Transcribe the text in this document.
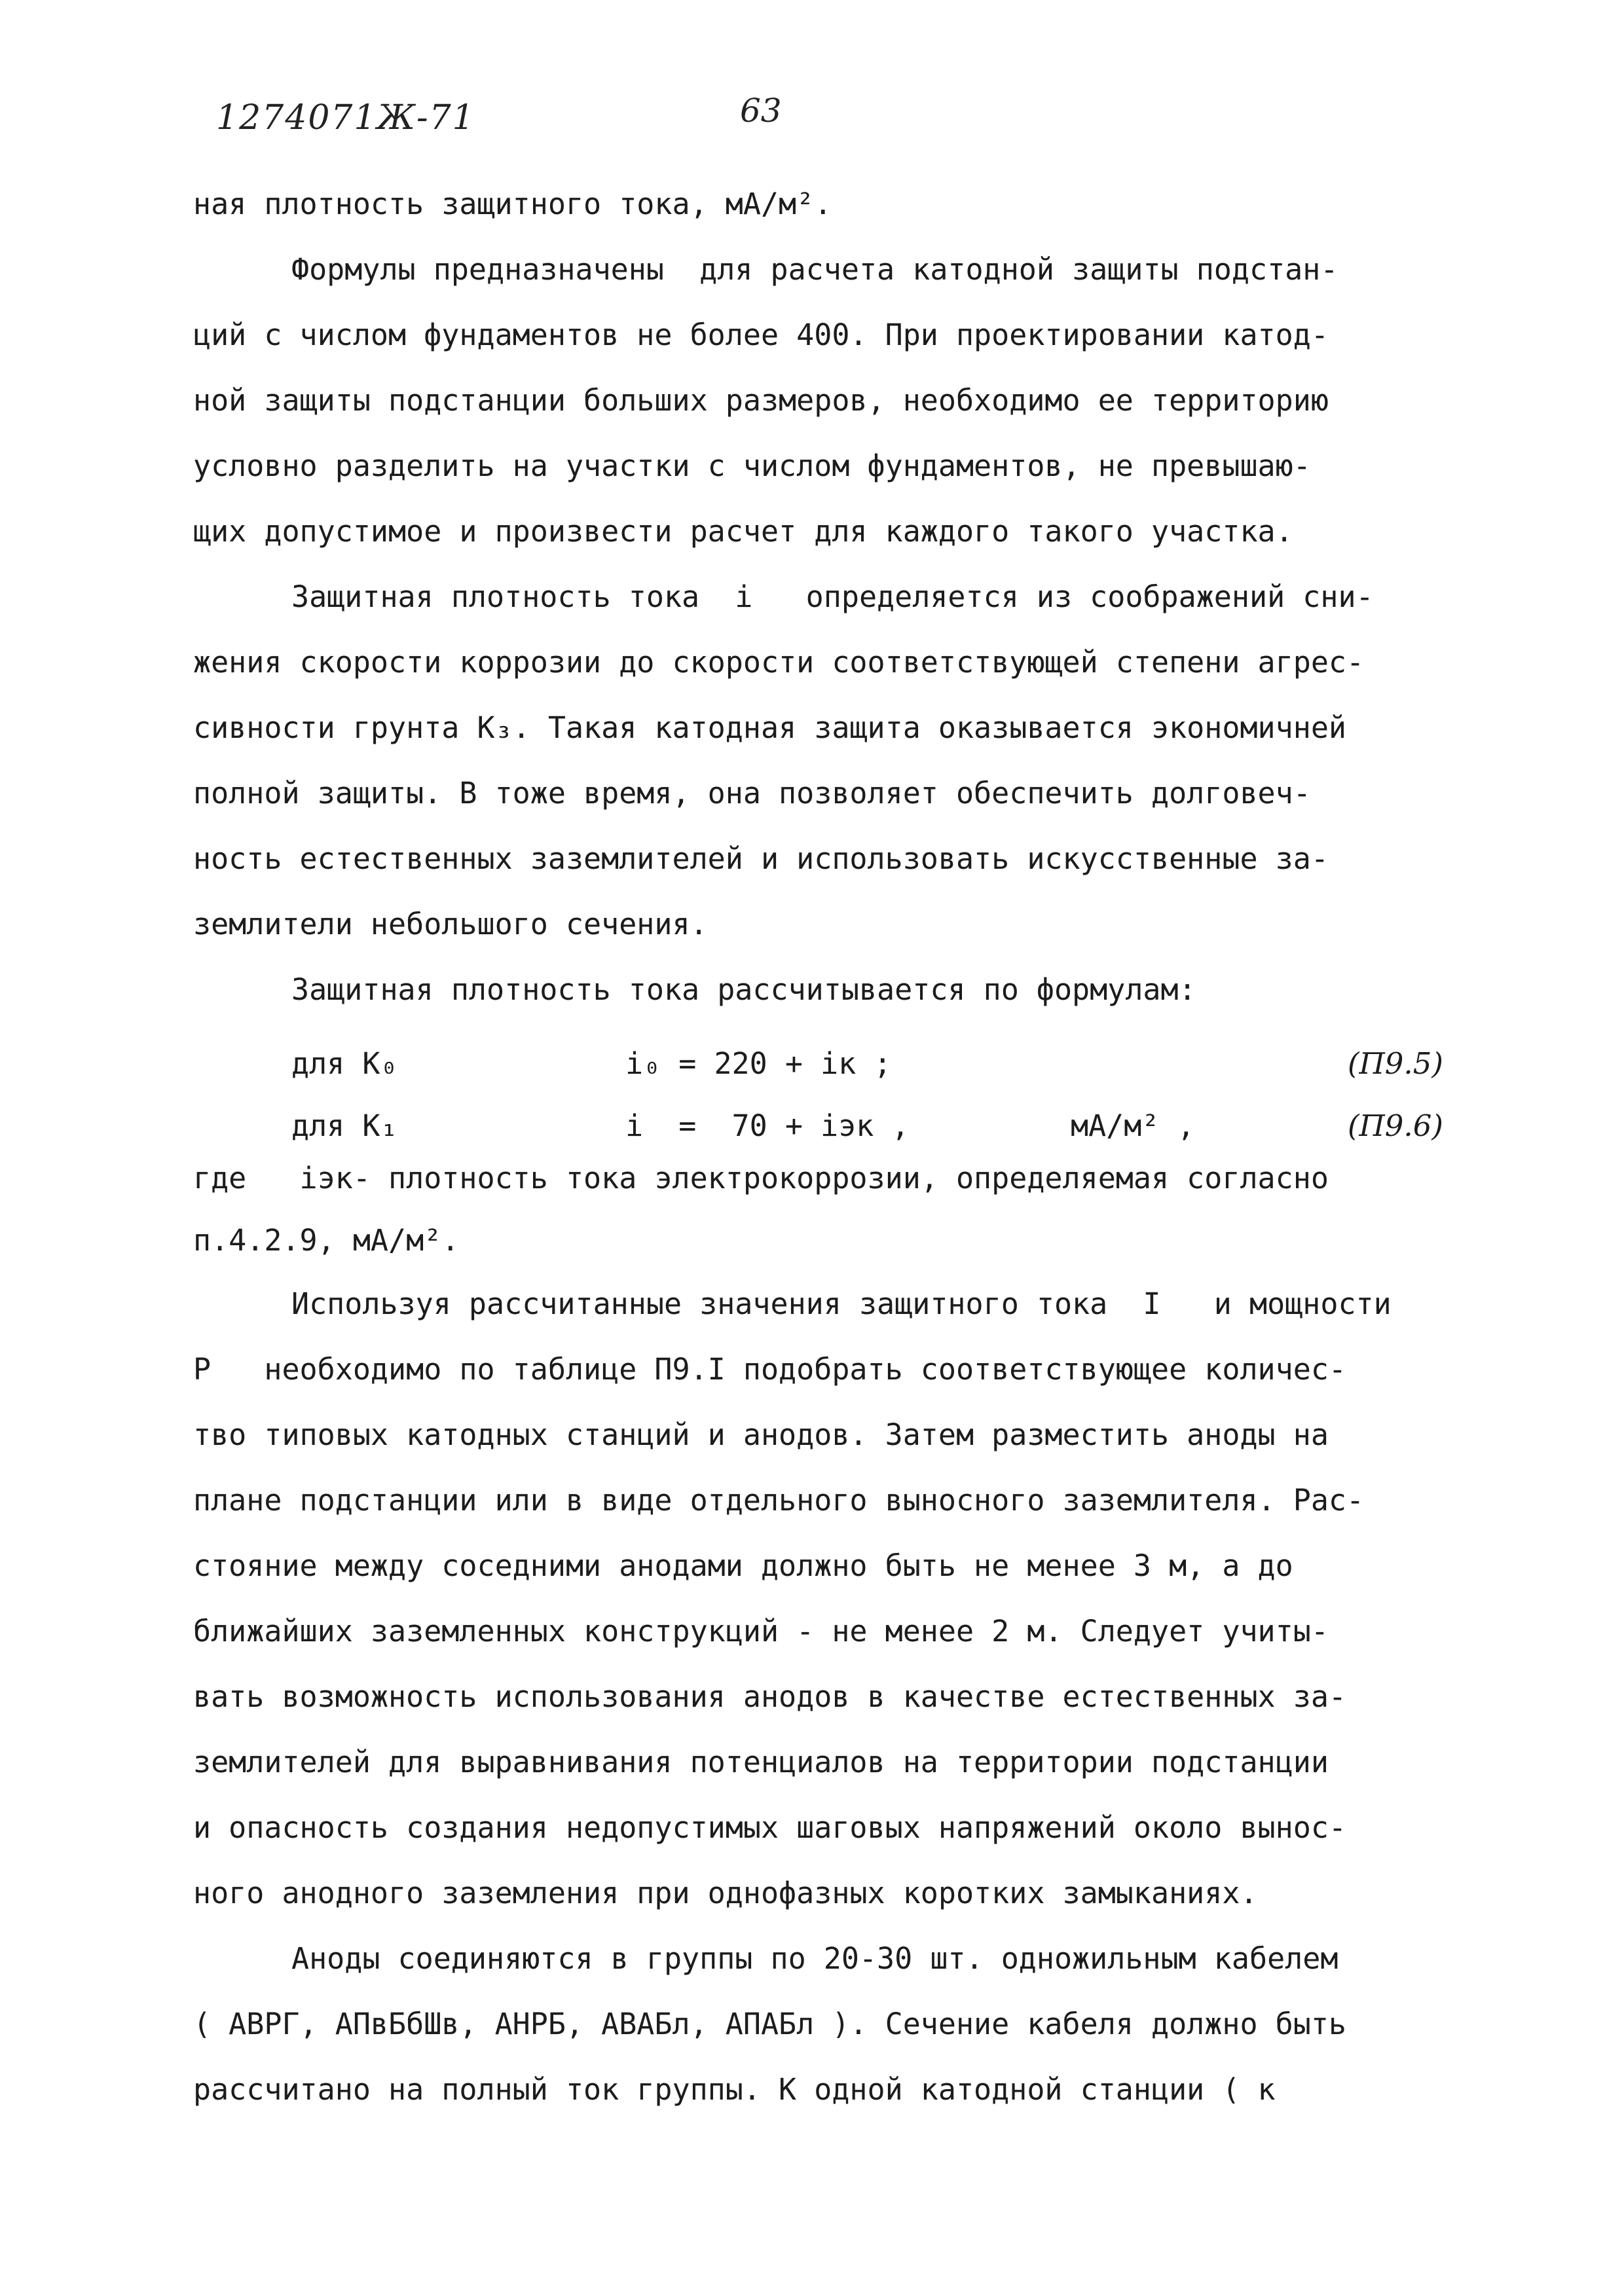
1274071Ж-71	63
ная плотность защитного тока, мА/м².
Формулы предназначены  для расчета катодной защиты подстан-
ций с числом фундаментов не более 400. При проектировании катод-
ной защиты подстанции больших размеров, необходимо ее территорию
условно разделить на участки с числом фундаментов, не превышаю-
щих допустимое и произвести расчет для каждого такого участка.
Защитная плотность тока  i   определяется из соображений сни-
жения скорости коррозии до скорости соответствующей степени агрес-
сивности грунта К₃. Такая катодная защита оказывается экономичней
полной защиты. В тоже время, она позволяет обеспечить долговеч-
ность естественных заземлителей и использовать искусственные за-
землители небольшого сечения.
Защитная плотность тока рассчитывается по формулам:

для К₀

	i₀ = 220 + iк ;

	(П9.5)

для К₁

	i  =  70 + iэк ,

	мА/м² ,

	(П9.6)

где   iэк- плотность тока электрокоррозии, определяемая согласно
п.4.2.9, мА/м².
Используя рассчитанные значения защитного тока  I   и мощности
P   необходимо по таблице П9.I подобрать соответствующее количес-
тво типовых катодных станций и анодов. Затем разместить аноды на
плане подстанции или в виде отдельного выносного заземлителя. Рас-
стояние между соседними анодами должно быть не менее 3 м, а до
ближайших заземленных конструкций - не менее 2 м. Следует учиты-
вать возможность использования анодов в качестве естественных за-
землителей для выравнивания потенциалов на территории подстанции
и опасность создания недопустимых шаговых напряжений около вынос-
ного анодного заземления при однофазных коротких замыканиях.
Аноды соединяются в группы по 20-30 шт. одножильным кабелем
( АВРГ, АПвБбШв, АНРБ, АВАБл, АПАБл ). Сечение кабеля должно быть
рассчитано на полный ток группы. К одной катодной станции ( к
